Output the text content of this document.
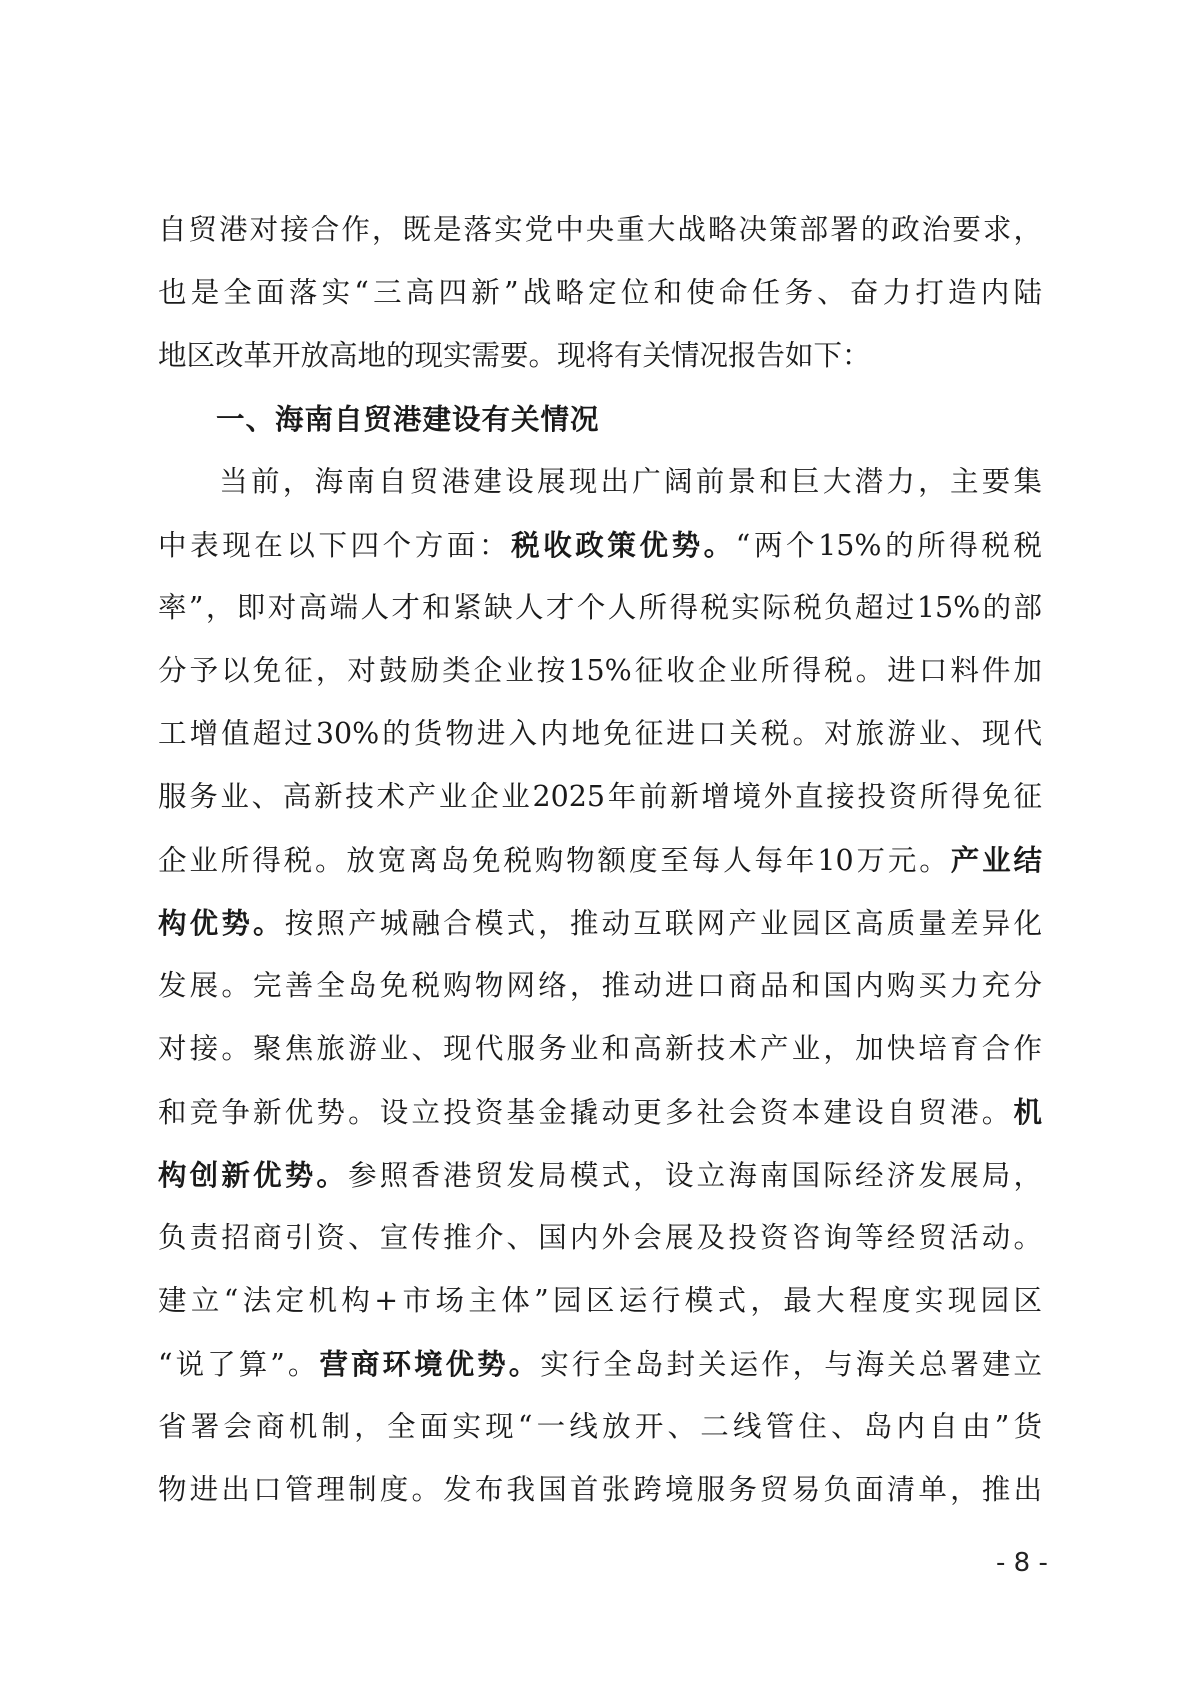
自贸港对接合作，既是落实党中央重大战略决策部署的政治要求，
也是全面落实“三高四新”战略定位和使命任务、奋力打造内陆
地区改革开放高地的现实需要。现将有关情况报告如下：
一、海南自贸港建设有关情况
当前，海南自贸港建设展现出广阔前景和巨大潜力，主要集
中表现在以下四个方面：税收政策优势。“两个15%的所得税税
率”，即对高端人才和紧缺人才个人所得税实际税负超过15%的部
分予以免征，对鼓励类企业按15%征收企业所得税。进口料件加
工增值超过30%的货物进入内地免征进口关税。对旅游业、现代
服务业、高新技术产业企业2025年前新增境外直接投资所得免征
企业所得税。放宽离岛免税购物额度至每人每年10万元。产业结
构优势。按照产城融合模式，推动互联网产业园区高质量差异化
发展。完善全岛免税购物网络，推动进口商品和国内购买力充分
对接。聚焦旅游业、现代服务业和高新技术产业，加快培育合作
和竞争新优势。设立投资基金撬动更多社会资本建设自贸港。机
构创新优势。参照香港贸发局模式，设立海南国际经济发展局，
负责招商引资、宣传推介、国内外会展及投资咨询等经贸活动。
建立“法定机构+市场主体”园区运行模式，最大程度实现园区
“说了算”。营商环境优势。实行全岛封关运作，与海关总署建立
省署会商机制，全面实现“一线放开、二线管住、岛内自由”货
物进出口管理制度。发布我国首张跨境服务贸易负面清单，推出
- 8 -
